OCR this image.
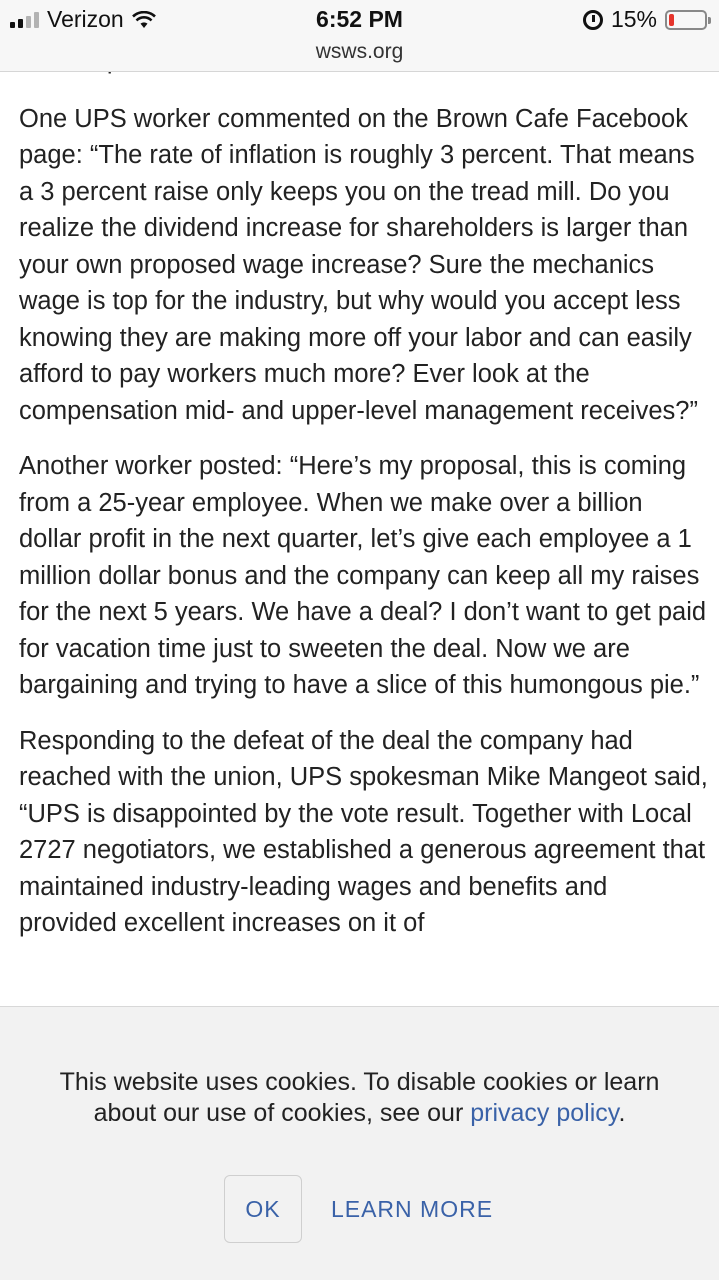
Verizon	6:52 PM
wsws.org
15%

One UPS worker commented on the Brown Cafe Facebook page: “The rate of inflation is roughly 3 percent. That means a 3 percent raise only keeps you on the tread mill. Do you realize the dividend increase for shareholders is larger than your own proposed wage increase? Sure the mechanics wage is top for the industry, but why would you accept less knowing they are making more off your labor and can easily afford to pay workers much more? Ever look at the compensation mid- and upper-level management receives?”

Another worker posted: “Here’s my proposal, this is coming from a 25-year employee. When we make over a billion dollar profit in the next quarter, let’s give each employee a 1 million dollar bonus and the company can keep all my raises for the next 5 years. We have a deal? I don’t want to get paid for vacation time just to sweeten the deal. Now we are bargaining and trying to have a slice of this humongous pie.”

Responding to the defeat of the deal the company had reached with the union, UPS spokesman Mike Mangeot said, “UPS is disappointed by the vote result. Together with Local 2727 negotiators, we established a generous agreement that maintained industry-leading wages and benefits and provided excellent increases on it of

This website uses cookies. To disable cookies or learn about our use of cookies, see our privacy policy.
OK	LEARN MORE
